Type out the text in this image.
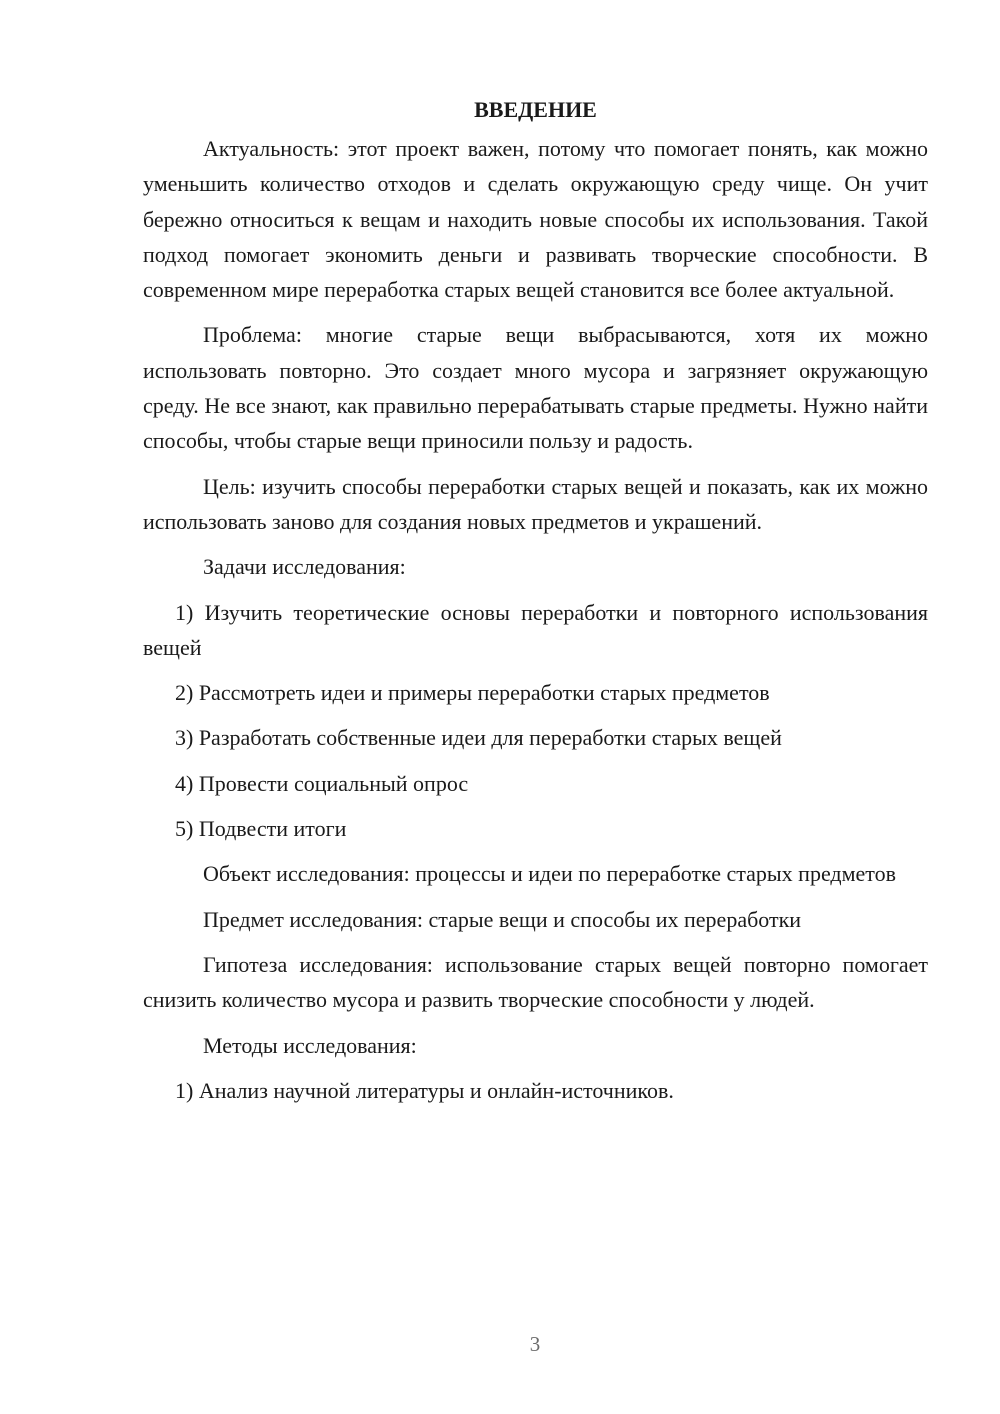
ВВЕДЕНИЕ

Актуальность: этот проект важен, потому что помогает понять, как можно уменьшить количество отходов и сделать окружающую среду чище. Он учит бережно относиться к вещам и находить новые способы их использования. Такой подход помогает экономить деньги и развивать творческие способности. В современном мире переработка старых вещей становится все более актуальной.

Проблема: многие старые вещи выбрасываются, хотя их можно использовать повторно. Это создает много мусора и загрязняет окружающую среду. Не все знают, как правильно перерабатывать старые предметы. Нужно найти способы, чтобы старые вещи приносили пользу и радость.

Цель: изучить способы переработки старых вещей и показать, как их можно использовать заново для создания новых предметов и украшений.

Задачи исследования:

1) Изучить теоретические основы переработки и повторного использования вещей

2) Рассмотреть идеи и примеры переработки старых предметов

3) Разработать собственные идеи для переработки старых вещей

4) Провести социальный опрос

5) Подвести итоги

Объект исследования: процессы и идеи по переработке старых предметов

Предмет исследования: старые вещи и способы их переработки

Гипотеза исследования: использование старых вещей повторно помогает снизить количество мусора и развить творческие способности у людей.

Методы исследования:

1) Анализ научной литературы и онлайн-источников.

3
